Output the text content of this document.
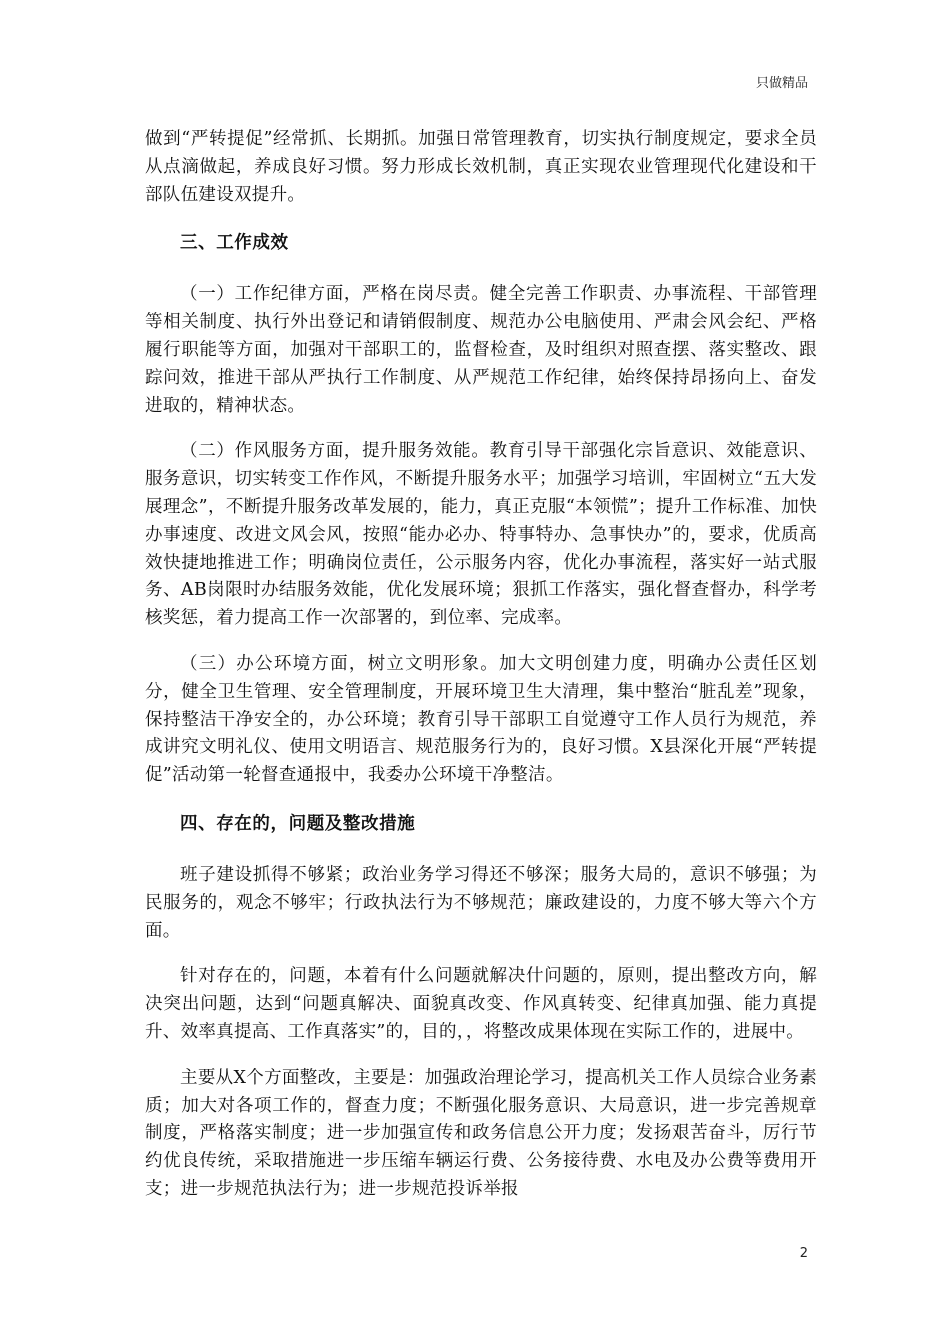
只做精品

做到“严转提促”经常抓、长期抓。加强日常管理教育，切实执行制度规定，要求全员从点滴做起，养成良好习惯。努力形成长效机制，真正实现农业管理现代化建设和干部队伍建设双提升。

三、工作成效

（一）工作纪律方面，严格在岗尽责。健全完善工作职责、办事流程、干部管理等相关制度、执行外出登记和请销假制度、规范办公电脑使用、严肃会风会纪、严格履行职能等方面，加强对干部职工的，监督检查，及时组织对照查摆、落实整改、跟踪问效，推进干部从严执行工作制度、从严规范工作纪律，始终保持昂扬向上、奋发进取的，精神状态。

（二）作风服务方面，提升服务效能。教育引导干部强化宗旨意识、效能意识、服务意识，切实转变工作作风，不断提升服务水平；加强学习培训，牢固树立“五大发展理念”，不断提升服务改革发展的，能力，真正克服“本领慌”；提升工作标准、加快办事速度、改进文风会风，按照“能办必办、特事特办、急事快办”的，要求，优质高效快捷地推进工作；明确岗位责任，公示服务内容，优化办事流程，落实好一站式服务、AB岗限时办结服务效能，优化发展环境；狠抓工作落实，强化督查督办，科学考核奖惩，着力提高工作一次部署的，到位率、完成率。

（三）办公环境方面，树立文明形象。加大文明创建力度，明确办公责任区划分，健全卫生管理、安全管理制度，开展环境卫生大清理，集中整治“脏乱差”现象，保持整洁干净安全的，办公环境；教育引导干部职工自觉遵守工作人员行为规范，养成讲究文明礼仪、使用文明语言、规范服务行为的，良好习惯。X县深化开展“严转提促”活动第一轮督查通报中，我委办公环境干净整洁。

四、存在的，问题及整改措施

班子建设抓得不够紧；政治业务学习得还不够深；服务大局的，意识不够强；为民服务的，观念不够牢；行政执法行为不够规范；廉政建设的，力度不够大等六个方面。

针对存在的，问题，本着有什么问题就解决什问题的，原则，提出整改方向，解决突出问题，达到“问题真解决、面貌真改变、作风真转变、纪律真加强、能力真提升、效率真提高、工作真落实”的，目的，，将整改成果体现在实际工作的，进展中。

主要从X个方面整改，主要是：加强政治理论学习，提高机关工作人员综合业务素质；加大对各项工作的，督查力度；不断强化服务意识、大局意识，进一步完善规章制度，严格落实制度；进一步加强宣传和政务信息公开力度；发扬艰苦奋斗，厉行节约优良传统，采取措施进一步压缩车辆运行费、公务接待费、水电及办公费等费用开支；进一步规范执法行为；进一步规范投诉举报

2
